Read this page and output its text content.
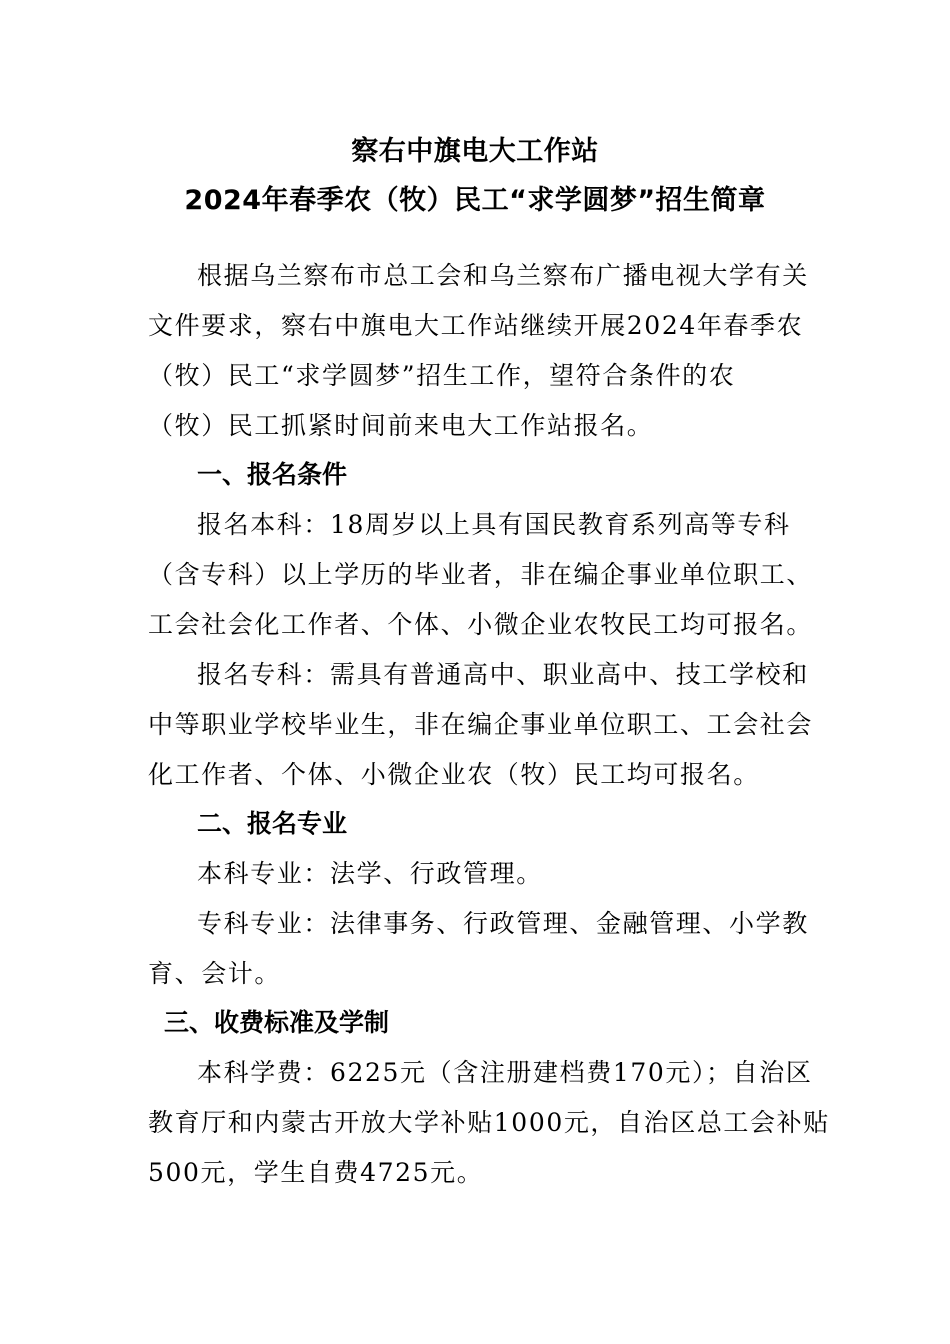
察右中旗电大工作站
2024年春季农（牧）民工“求学圆梦”招生简章
根据乌兰察布市总工会和乌兰察布广播电视大学有关
文件要求，察右中旗电大工作站继续开展2024年春季农
（牧）民工“求学圆梦”招生工作，望符合条件的农
（牧）民工抓紧时间前来电大工作站报名。
一、报名条件
报名本科：18周岁以上具有国民教育系列高等专科
（含专科）以上学历的毕业者，非在编企事业单位职工、
工会社会化工作者、个体、小微企业农牧民工均可报名。
报名专科：需具有普通高中、职业高中、技工学校和
中等职业学校毕业生，非在编企事业单位职工、工会社会
化工作者、个体、小微企业农（牧）民工均可报名。
二、报名专业
本科专业：法学、行政管理。
专科专业：法律事务、行政管理、金融管理、小学教
育、会计。
三、收费标准及学制
本科学费：6225元（含注册建档费170元）；自治区
教育厅和内蒙古开放大学补贴1000元，自治区总工会补贴
500元，学生自费4725元。
